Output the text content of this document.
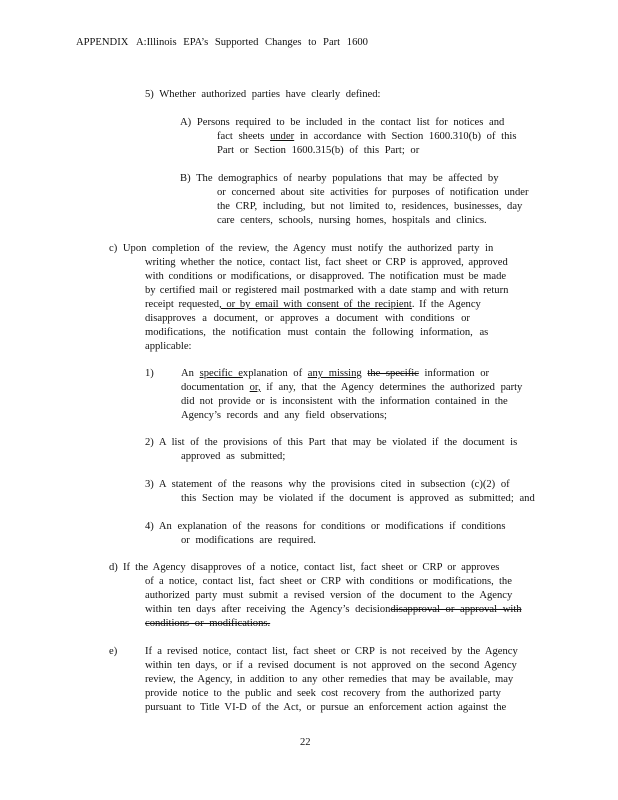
APPENDIX A:Illinois EPA’s Supported Changes to Part 1600
5) Whether authorized parties have clearly defined:
A) Persons required to be included in the contact list for notices and
fact sheets under in accordance with Section 1600.310(b) of this
Part or Section 1600.315(b) of this Part; or
B) The demographics of nearby populations that may be affected by
or concerned about site activities for purposes of notification under
the CRP, including, but not limited to, residences, businesses, day
care centers, schools, nursing homes, hospitals and clinics.
c) Upon completion of the review, the Agency must notify the authorized party in
writing whether the notice, contact list, fact sheet or CRP is approved, approved
with conditions or modifications, or disapproved. The notification must be made
by certified mail or registered mail postmarked with a date stamp and with return
receipt requested, or by email with consent of the recipient. If the Agency
disapproves a document, or approves a document with conditions or
modifications, the notification must contain the following information, as
applicable:
1)	An specific explanation of any missing the specific information or
documentation or, if any, that the Agency determines the authorized party
did not provide or is inconsistent with the information contained in the
Agency’s records and any field observations;
2) A list of the provisions of this Part that may be violated if the document is
approved as submitted;
3) A statement of the reasons why the provisions cited in subsection (c)(2) of
this Section may be violated if the document is approved as submitted; and
4) An explanation of the reasons for conditions or modifications if conditions
or modifications are required.
d) If the Agency disapproves of a notice, contact list, fact sheet or CRP or approves
of a notice, contact list, fact sheet or CRP with conditions or modifications, the
authorized party must submit a revised version of the document to the Agency
within ten days after receiving the Agency’s decisiondisapproval or approval with
conditions or modifications.
e)	If a revised notice, contact list, fact sheet or CRP is not received by the Agency
within ten days, or if a revised document is not approved on the second Agency
review, the Agency, in addition to any other remedies that may be available, may
provide notice to the public and seek cost recovery from the authorized party
pursuant to Title VI-D of the Act, or pursue an enforcement action against the
22
